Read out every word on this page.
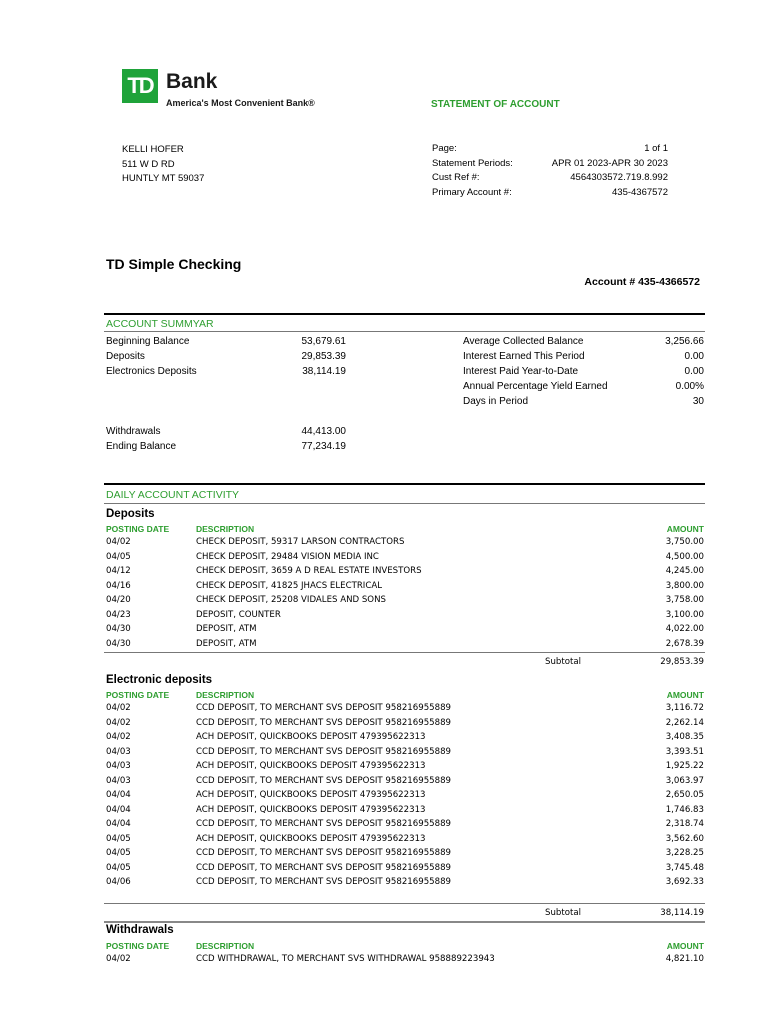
TD Bank
America's Most Convenient Bank®	STATEMENT OF ACCOUNT
KELLI HOFER
511 W D RD
HUNTLY MT 59037
Page:	1 of 1
Statement Periods:	APR 01 2023-APR 30 2023
Cust Ref #:	4564303572.719.8.992
Primary Account #:	435-4367572
TD Simple Checking
Account # 435-4366572
ACCOUNT SUMMYAR
Beginning Balance	53,679.61
Deposits	29,853.39
Electronics Deposits	38,114.19
Withdrawals	44,413.00
Ending Balance	77,234.19
Average Collected Balance	3,256.66
Interest Earned This Period	0.00
Interest Paid Year-to-Date	0.00
Annual Percentage Yield Earned	0.00%
Days in Period	30
DAILY ACCOUNT ACTIVITY
Deposits
POSTING DATE	DESCRIPTION	AMOUNT
04/02	CHECK DEPOSIT, 59317 LARSON CONTRACTORS	3,750.00
04/05	CHECK DEPOSIT, 29484 VISION MEDIA INC	4,500.00
04/12	CHECK DEPOSIT, 3659 A D REAL ESTATE INVESTORS	4,245.00
04/16	CHECK DEPOSIT, 41825 JHACS ELECTRICAL	3,800.00
04/20	CHECK DEPOSIT, 25208 VIDALES AND SONS	3,758.00
04/23	DEPOSIT, COUNTER	3,100.00
04/30	DEPOSIT, ATM	4,022.00
04/30	DEPOSIT, ATM	2,678.39
Subtotal	29,853.39
Electronic deposits
POSTING DATE	DESCRIPTION	AMOUNT
04/02	CCD DEPOSIT, TO MERCHANT SVS DEPOSIT 958216955889	3,116.72
04/02	CCD DEPOSIT, TO MERCHANT SVS DEPOSIT 958216955889	2,262.14
04/02	ACH DEPOSIT, QUICKBOOKS DEPOSIT 479395622313	3,408.35
04/03	CCD DEPOSIT, TO MERCHANT SVS DEPOSIT 958216955889	3,393.51
04/03	ACH DEPOSIT, QUICKBOOKS DEPOSIT 479395622313	1,925.22
04/03	CCD DEPOSIT, TO MERCHANT SVS DEPOSIT 958216955889	3,063.97
04/04	ACH DEPOSIT, QUICKBOOKS DEPOSIT 479395622313	2,650.05
04/04	ACH DEPOSIT, QUICKBOOKS DEPOSIT 479395622313	1,746.83
04/04	CCD DEPOSIT, TO MERCHANT SVS DEPOSIT 958216955889	2,318.74
04/05	ACH DEPOSIT, QUICKBOOKS DEPOSIT 479395622313	3,562.60
04/05	CCD DEPOSIT, TO MERCHANT SVS DEPOSIT 958216955889	3,228.25
04/05	CCD DEPOSIT, TO MERCHANT SVS DEPOSIT 958216955889	3,745.48
04/06	CCD DEPOSIT, TO MERCHANT SVS DEPOSIT 958216955889	3,692.33
Subtotal	38,114.19
Withdrawals
POSTING DATE	DESCRIPTION	AMOUNT
04/02	CCD WITHDRAWAL, TO MERCHANT SVS WITHDRAWAL 958889223943	4,821.10
